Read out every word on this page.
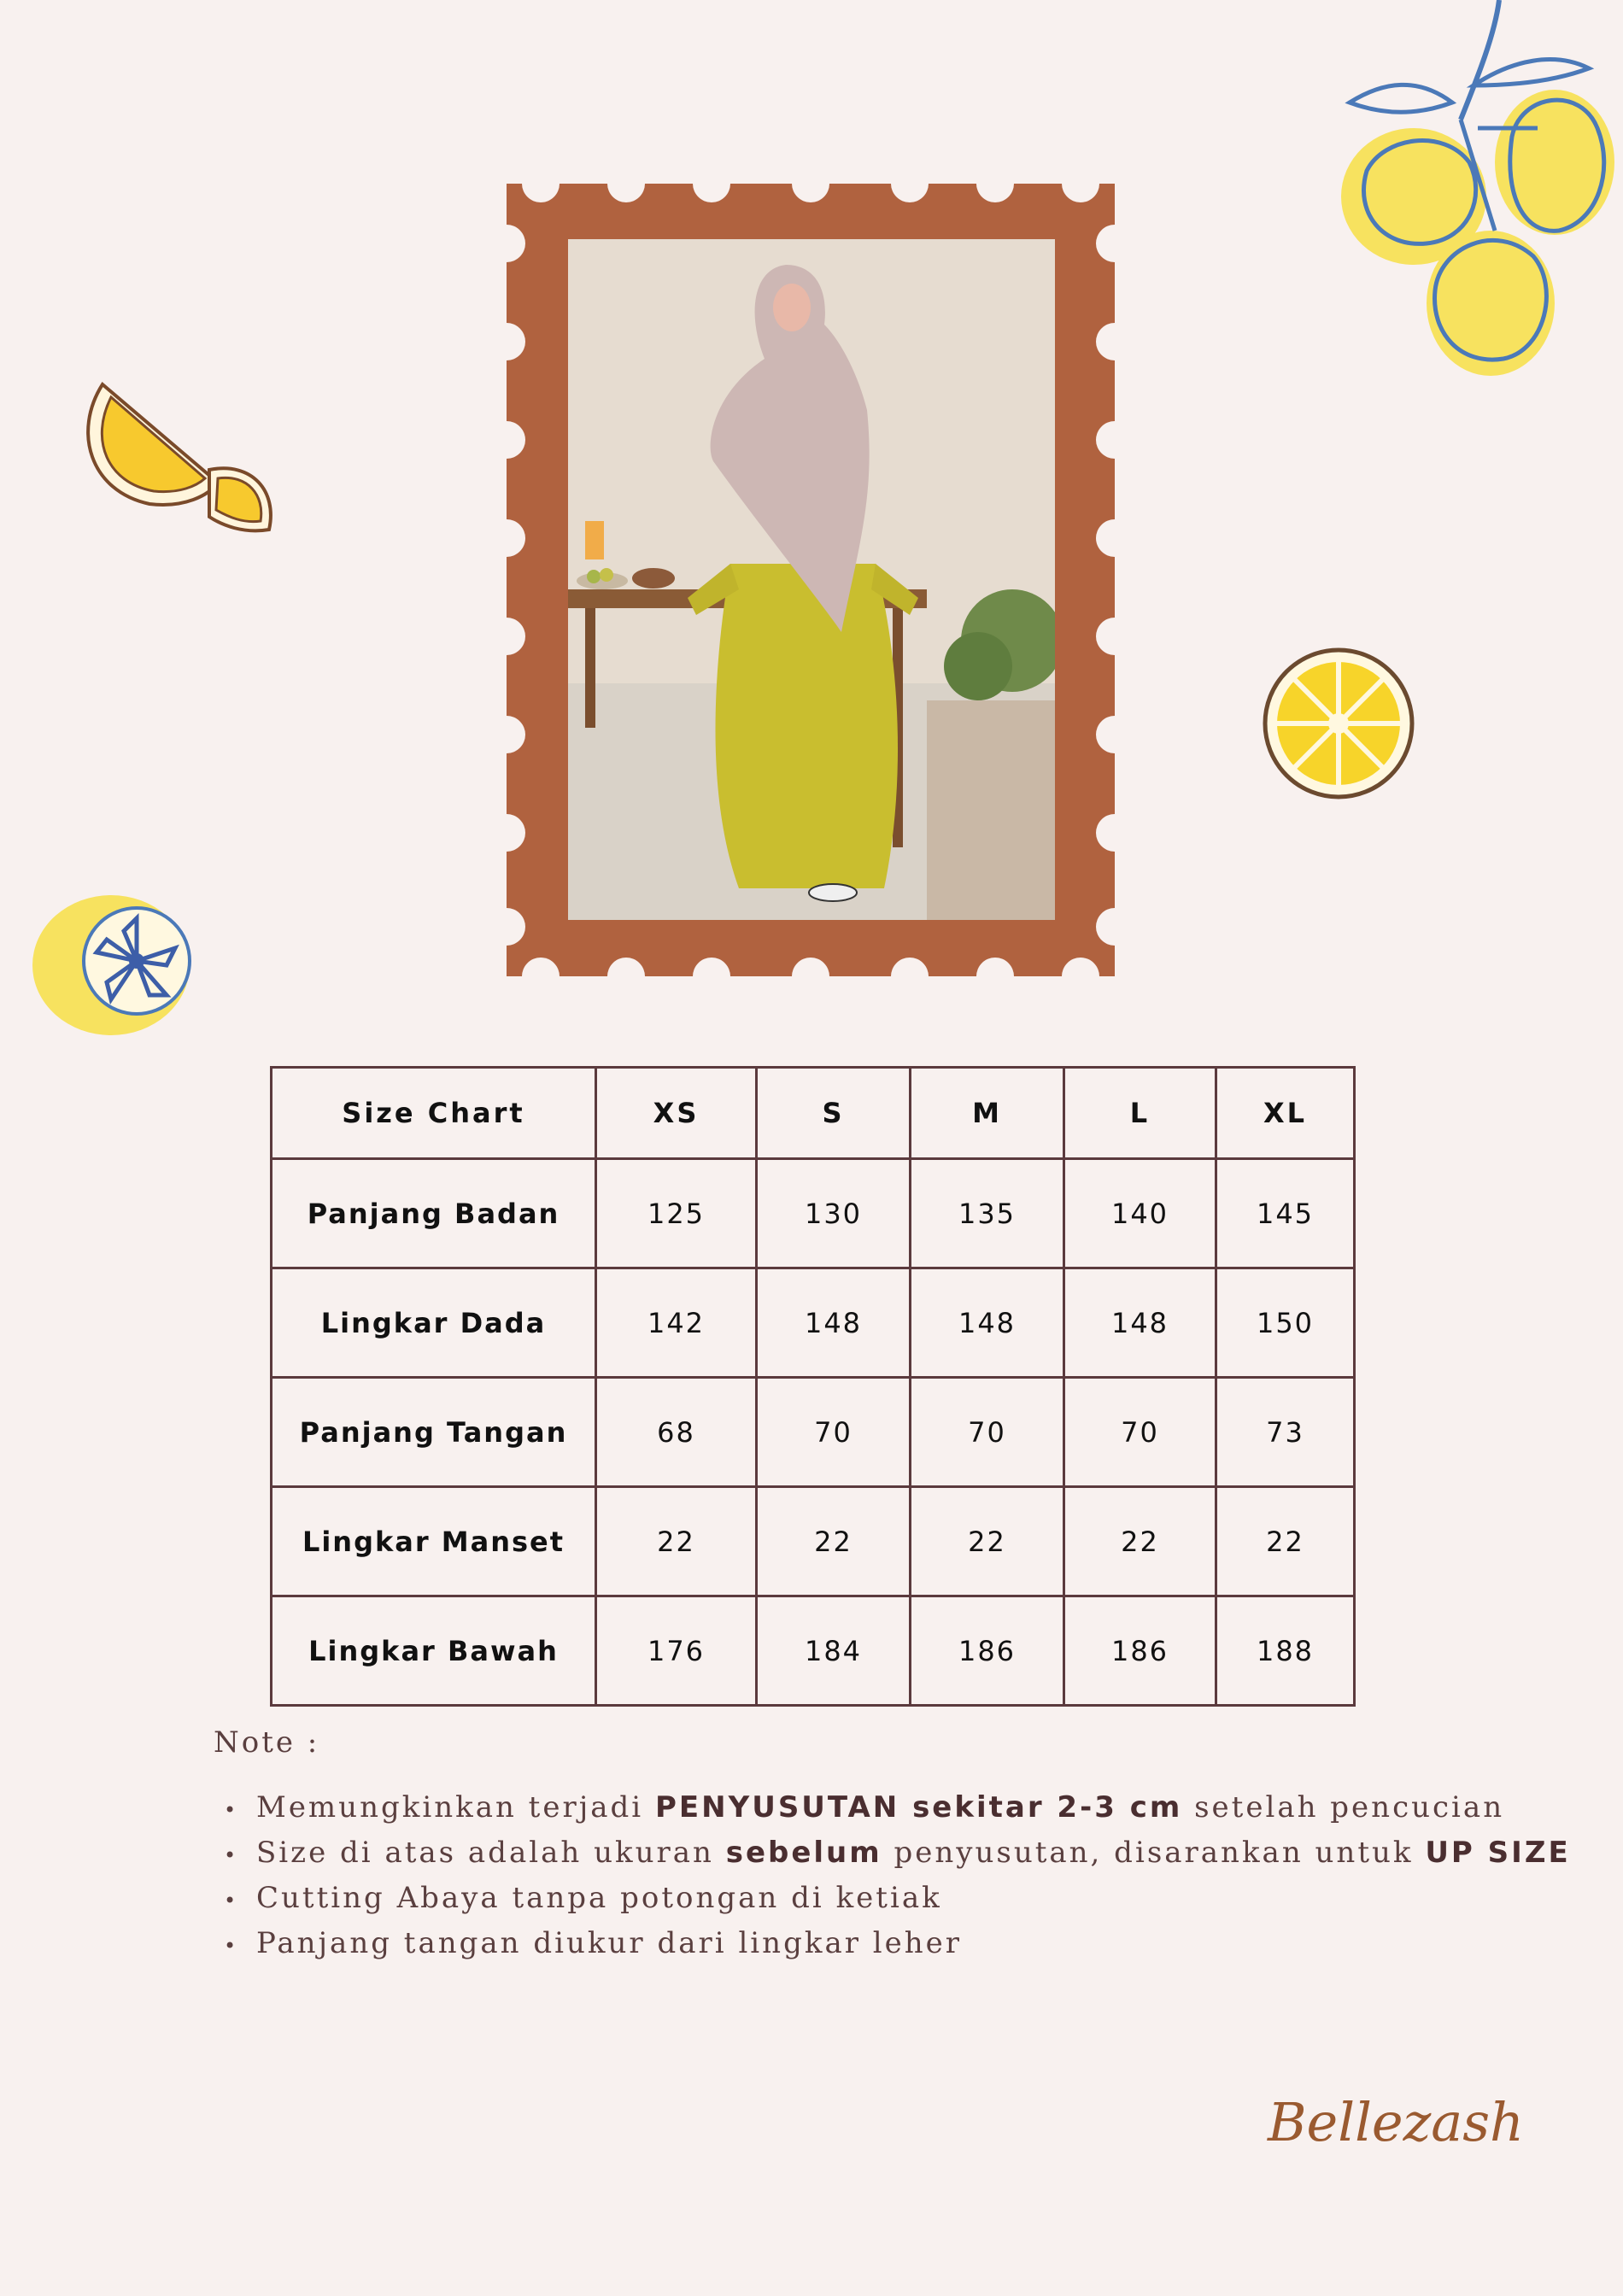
Size Chart	XS	S	M	L	XL
Panjang Badan	125	130	135	140	145
Lingkar Dada	142	148	148	148	150
Panjang Tangan	68	70	70	70	73
Lingkar Manset	22	22	22	22	22
Lingkar Bawah	176	184	186	186	188
Note :
• Memungkinkan terjadi PENYUSUTAN sekitar 2-3 cm setelah pencucian
• Size di atas adalah ukuran sebelum penyusutan, disarankan untuk UP SIZE
• Cutting Abaya tanpa potongan di ketiak
• Panjang tangan diukur dari lingkar leher
Bellezash
